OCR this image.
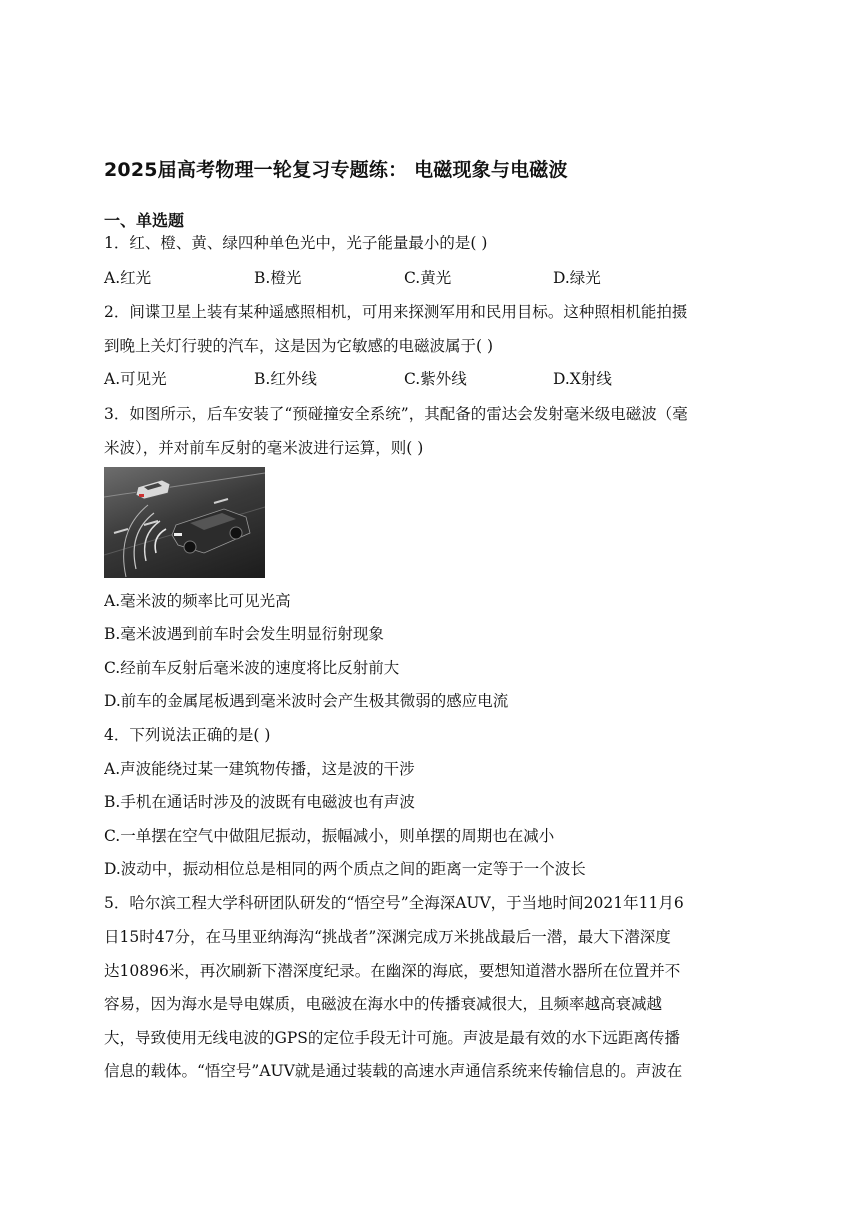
2025届高考物理一轮复习专题练： 电磁现象与电磁波
一、单选题
1．红、橙、黄、绿四种单色光中，光子能量最小的是( )
A.红光	B.橙光	C.黄光	D.绿光
2．间谍卫星上装有某种遥感照相机，可用来探测军用和民用目标。这种照相机能拍摄
到晚上关灯行驶的汽车，这是因为它敏感的电磁波属于( )
A.可见光	B.红外线	C.紫外线	D.X射线
3．如图所示，后车安装了“预碰撞安全系统”，其配备的雷达会发射毫米级电磁波（毫
米波），并对前车反射的毫米波进行运算，则( )
A.毫米波的频率比可见光高
B.毫米波遇到前车时会发生明显衍射现象
C.经前车反射后毫米波的速度将比反射前大
D.前车的金属尾板遇到毫米波时会产生极其微弱的感应电流
4．下列说法正确的是( )
A.声波能绕过某一建筑物传播，这是波的干涉
B.手机在通话时涉及的波既有电磁波也有声波
C.一单摆在空气中做阻尼振动，振幅减小，则单摆的周期也在减小
D.波动中，振动相位总是相同的两个质点之间的距离一定等于一个波长
5．哈尔滨工程大学科研团队研发的“悟空号”全海深AUV，于当地时间2021年11月6
日15时47分，在马里亚纳海沟“挑战者”深渊完成万米挑战最后一潜，最大下潜深度
达10896米，再次刷新下潜深度纪录。在幽深的海底，要想知道潜水器所在位置并不
容易，因为海水是导电媒质，电磁波在海水中的传播衰减很大，且频率越高衰减越
大，导致使用无线电波的GPS的定位手段无计可施。声波是最有效的水下远距离传播
信息的载体。“悟空号”AUV就是通过装载的高速水声通信系统来传输信息的。声波在
